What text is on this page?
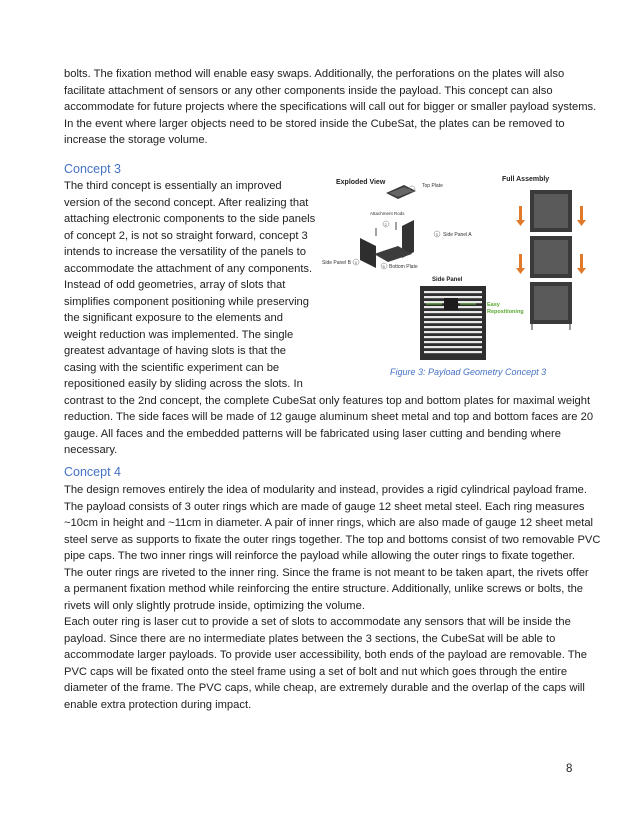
bolts. The fixation method will enable easy swaps. Additionally, the perforations on the plates will also
facilitate attachment of sensors or any other components inside the payload. This concept can also
accommodate for future projects where the specifications will call out for bigger or smaller payload systems.
In the event where larger objects need to be stored inside the CubeSat, the plates can be removed to
increase the storage volume.
Concept 3
The third concept is essentially an improved
version of the second concept. After realizing that
attaching electronic components to the side panels
of concept 2, is not so straight forward, concept 3
intends to increase the versatility of the panels to
accommodate the attachment of any components.
Instead of odd geometries, array of slots that
simplifies component positioning while preserving
the significant exposure to the elements and
weight reduction was implemented. The single
greatest advantage of having slots is that the
casing with the scientific experiment can be
repositioned easily by sliding across the slots. In
contrast to the 2nd concept, the complete CubeSat only features top and bottom plates for maximal weight
reduction. The side faces will be made of 12 gauge aluminum sheet metal and top and bottom faces are 20
gauge. All faces and the embedded patterns will be fabricated using laser cutting and bending where
necessary.
Exploded View
1
Top Plate
Attachment Rods
2
3 Side Panel A
Side Panel B 4
5 Bottom Plate
Full Assembly
Side Panel
Easy
Repositioning
Figure 3: Payload Geometry Concept 3
Concept 4
The design removes entirely the idea of modularity and instead, provides a rigid cylindrical payload frame.
The payload consists of 3 outer rings which are made of gauge 12 sheet metal steel. Each ring measures
~10cm in height and ~11cm in diameter. A pair of inner rings, which are also made of gauge 12 sheet metal
steel serve as supports to fixate the outer rings together. The top and bottoms consist of two removable PVC
pipe caps. The two inner rings will reinforce the payload while allowing the outer rings to fixate together.
The outer rings are riveted to the inner ring. Since the frame is not meant to be taken apart, the rivets offer
a permanent fixation method while reinforcing the entire structure. Additionally, unlike screws or bolts, the
rivets will only slightly protrude inside, optimizing the volume.
Each outer ring is laser cut to provide a set of slots to accommodate any sensors that will be inside the
payload. Since there are no intermediate plates between the 3 sections, the CubeSat will be able to
accommodate larger payloads. To provide user accessibility, both ends of the payload are removable. The
PVC caps will be fixated onto the steel frame using a set of bolt and nut which goes through the entire
diameter of the frame. The PVC caps, while cheap, are extremely durable and the overlap of the caps will
enable extra protection during impact.
8
